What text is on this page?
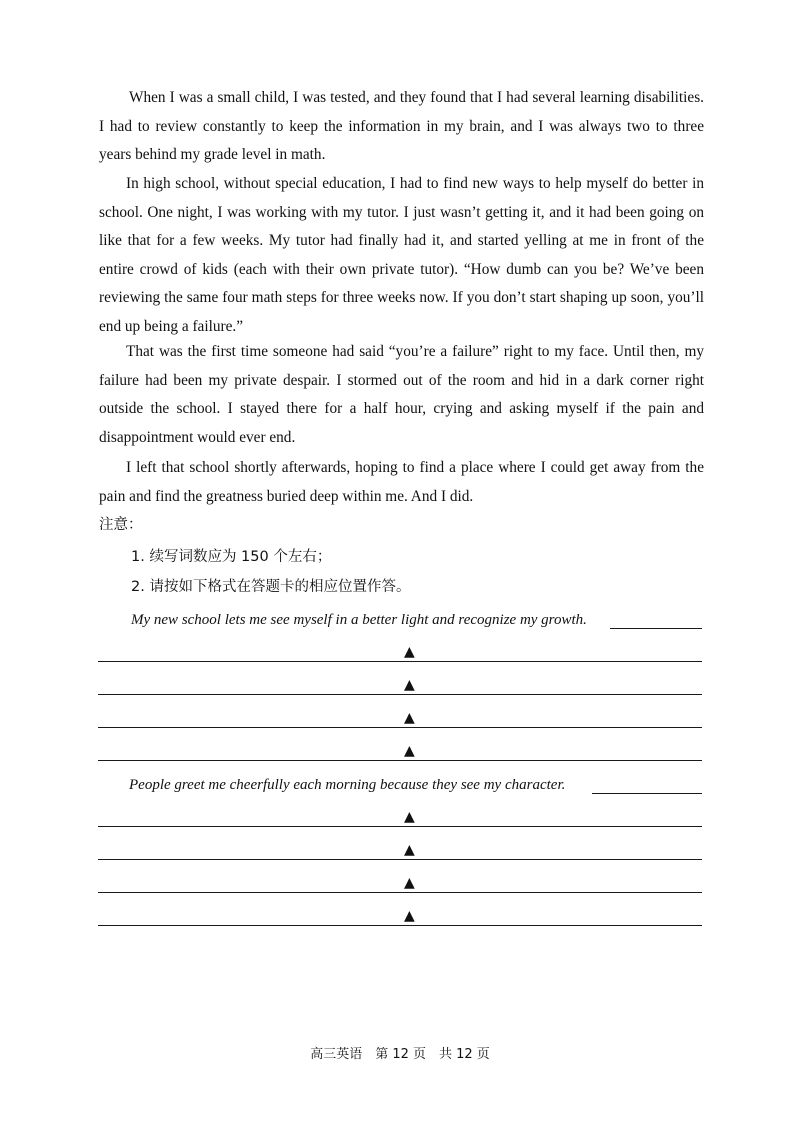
When I was a small child, I was tested, and they found that I had several learning disabilities. I had to review constantly to keep the information in my brain, and I was always two to three years behind my grade level in math.

In high school, without special education, I had to find new ways to help myself do better in school. One night, I was working with my tutor. I just wasn’t getting it, and it had been going on like that for a few weeks. My tutor had finally had it, and started yelling at me in front of the entire crowd of kids (each with their own private tutor). “How dumb can you be? We’ve been reviewing the same four math steps for three weeks now. If you don’t start shaping up soon, you’ll end up being a failure.”

That was the first time someone had said “you’re a failure” right to my face. Until then, my failure had been my private despair. I stormed out of the room and hid in a dark corner right outside the school. I stayed there for a half hour, crying and asking myself if the pain and disappointment would ever end.

I left that school shortly afterwards, hoping to find a place where I could get away from the pain and find the greatness buried deep within me. And I did.

注意：
1. 续写词数应为 150 个左右；
2. 请按如下格式在答题卡的相应位置作答。
My new school lets me see myself in a better light and recognize my growth.
▲
▲
▲
▲
People greet me cheerfully each morning because they see my character.
▲
▲
▲
▲
高三英语　第 12 页　共 12 页
